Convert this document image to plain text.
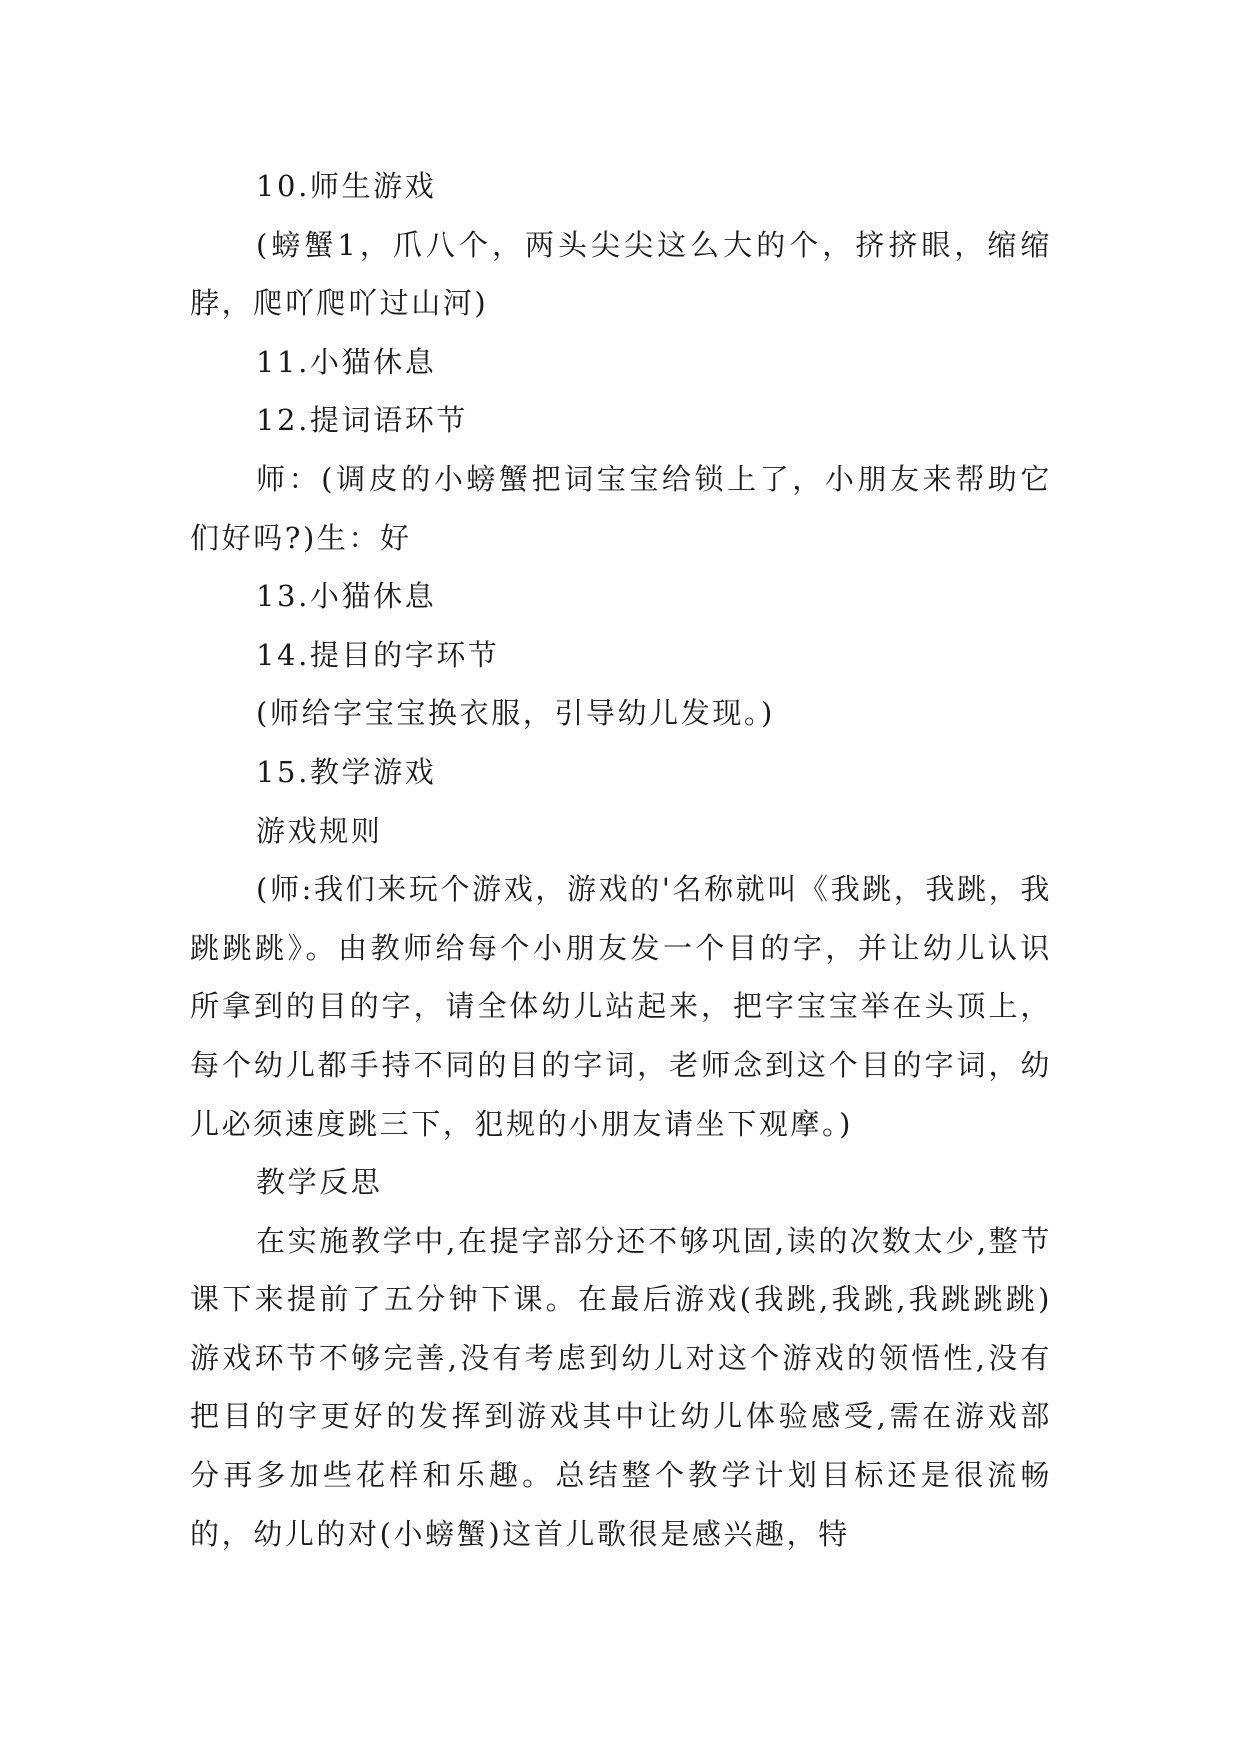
10.师生游戏

(螃蟹1，爪八个，两头尖尖这么大的个，挤挤眼，缩缩脖，爬吖爬吖过山河)

11.小猫休息

12.提词语环节

师：(调皮的小螃蟹把词宝宝给锁上了，小朋友来帮助它们好吗?)生：好

13.小猫休息

14.提目的字环节

(师给字宝宝换衣服，引导幼儿发现。)

15.教学游戏

游戏规则

(师:我们来玩个游戏，游戏的'名称就叫《我跳，我跳，我跳跳跳》。由教师给每个小朋友发一个目的字，并让幼儿认识所拿到的目的字，请全体幼儿站起来，把字宝宝举在头顶上，每个幼儿都手持不同的目的字词，老师念到这个目的字词，幼儿必须速度跳三下，犯规的小朋友请坐下观摩。)

教学反思

在实施教学中,在提字部分还不够巩固,读的次数太少,整节课下来提前了五分钟下课。在最后游戏(我跳,我跳,我跳跳跳)游戏环节不够完善,没有考虑到幼儿对这个游戏的领悟性,没有把目的字更好的发挥到游戏其中让幼儿体验感受,需在游戏部分再多加些花样和乐趣。总结整个教学计划目标还是很流畅的，幼儿的对(小螃蟹)这首儿歌很是感兴趣，特
